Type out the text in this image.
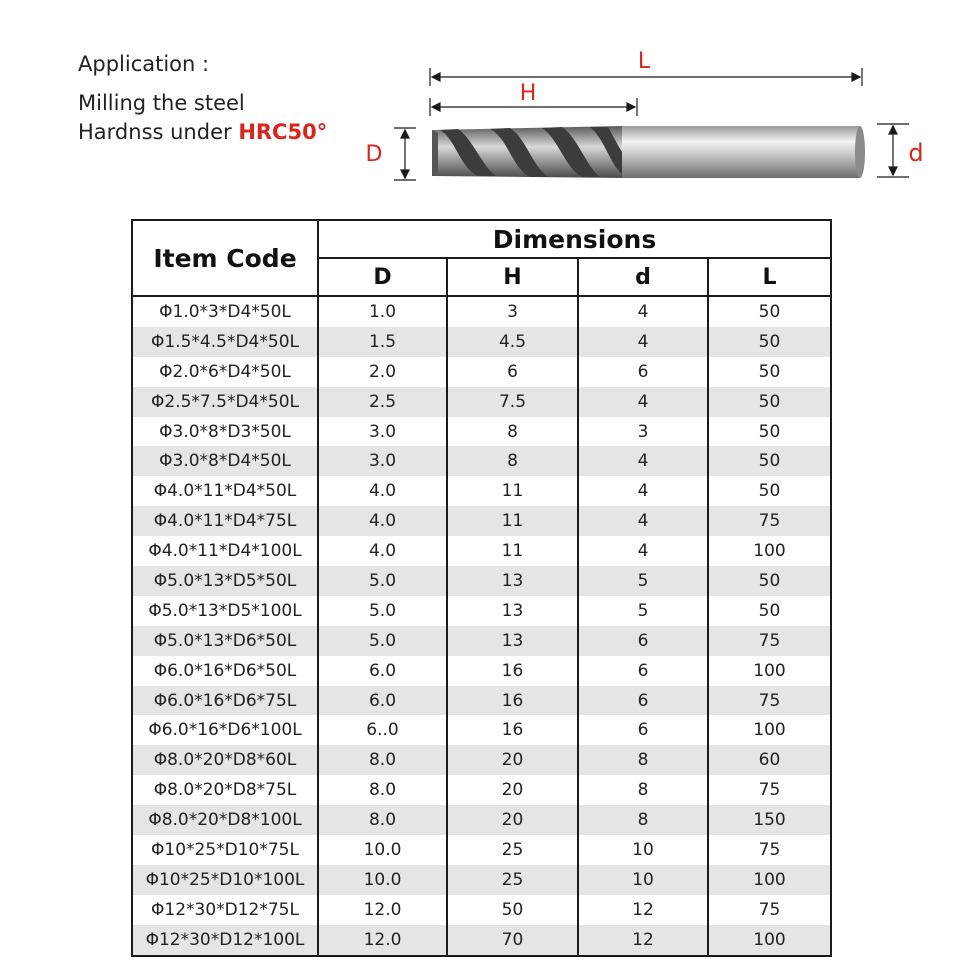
Application :
Milling the steel
Hardnss under HRC50°
L
H
D	d
Item Code	Dimensions			
	D	H	d	L
Φ1.0*3*D4*50L	1.0	3	4	50
Φ1.5*4.5*D4*50L	1.5	4.5	4	50
Φ2.0*6*D4*50L	2.0	6	6	50
Φ2.5*7.5*D4*50L	2.5	7.5	4	50
Φ3.0*8*D3*50L	3.0	8	3	50
Φ3.0*8*D4*50L	3.0	8	4	50
Φ4.0*11*D4*50L	4.0	11	4	50
Φ4.0*11*D4*75L	4.0	11	4	75
Φ4.0*11*D4*100L	4.0	11	4	100
Φ5.0*13*D5*50L	5.0	13	5	50
Φ5.0*13*D5*100L	5.0	13	5	50
Φ5.0*13*D6*50L	5.0	13	6	75
Φ6.0*16*D6*50L	6.0	16	6	100
Φ6.0*16*D6*75L	6.0	16	6	75
Φ6.0*16*D6*100L	6..0	16	6	100
Φ8.0*20*D8*60L	8.0	20	8	60
Φ8.0*20*D8*75L	8.0	20	8	75
Φ8.0*20*D8*100L	8.0	20	8	150
Φ10*25*D10*75L	10.0	25	10	75
Φ10*25*D10*100L	10.0	25	10	100
Φ12*30*D12*75L	12.0	50	12	75
Φ12*30*D12*100L	12.0	70	12	100
